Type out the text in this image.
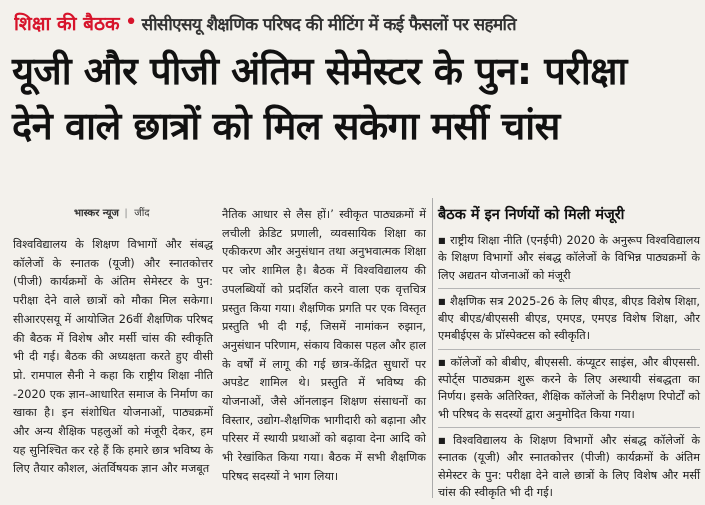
शिक्षा की बैठक • सीसीएसयू शैक्षणिक परिषद की मीटिंग में कई फैसलों पर सहमति
यूजी और पीजी अंतिम सेमेस्टर के पुन: परीक्षा
देने वाले छात्रों को मिल सकेगा मर्सी चांस
भास्कर न्यूज | जींद

विश्वविद्यालय के शिक्षण विभागों और संबद्ध कॉलेजों के स्नातक (यूजी) और स्नातकोत्तर (पीजी) कार्यक्रमों के अंतिम सेमेस्टर के पुन: परीक्षा देने वाले छात्रों को मौका मिल सकेगा। सीआरएसयू में आयोजित 26वीं शैक्षणिक परिषद की बैठक में विशेष और मर्सी चांस की स्वीकृति भी दी गई। बैठक की अध्यक्षता करते हुए वीसी प्रो. रामपाल सैनी ने कहा कि राष्ट्रीय शिक्षा नीति -2020 एक ज्ञान-आधारित समाज के निर्माण का खाका है। इन संशोधित योजनाओं, पाठ्यक्रमों और अन्य शैक्षिक पहलुओं को मंजूरी देकर, हम यह सुनिश्चित कर रहे हैं कि हमारे छात्र भविष्य के लिए तैयार कौशल, अंतर्विषयक ज्ञान और मजबूत

नैतिक आधार से लैस हों।’ स्वीकृत पाठ्यक्रमों में लचीली क्रेडिट प्रणाली, व्यवसायिक शिक्षा का एकीकरण और अनुसंधान तथा अनुभवात्मक शिक्षा पर जोर शामिल है। बैठक में विश्वविद्यालय की उपलब्धियों को प्रदर्शित करने वाला एक वृत्तचित्र प्रस्तुत किया गया। शैक्षणिक प्रगति पर एक विस्तृत प्रस्तुति भी दी गई, जिसमें नामांकन रुझान, अनुसंधान परिणाम, संकाय विकास पहल और हाल के वर्षों में लागू की गई छात्र-केंद्रित सुधारों पर अपडेट शामिल थे। प्रस्तुति में भविष्य की योजनाओं, जैसे ऑनलाइन शिक्षण संसाधनों का विस्तार, उद्योग-शैक्षणिक भागीदारी को बढ़ाना और परिसर में स्थायी प्रथाओं को बढ़ावा देना आदि को भी रेखांकित किया गया। बैठक में सभी शैक्षणिक परिषद सदस्यों ने भाग लिया।

बैठक में इन निर्णयों को मिली मंजूरी
■ राष्ट्रीय शिक्षा नीति (एनईपी) 2020 के अनुरूप विश्वविद्यालय के शिक्षण विभागों और संबद्ध कॉलेजों के विभिन्न पाठ्यक्रमों के लिए अद्यतन योजनाओं को मंजूरी
■ शैक्षणिक सत्र 2025-26 के लिए बीएड, बीएड विशेष शिक्षा, बीए बीएड/बीएससी बीएड, एमएड, एमएड विशेष शिक्षा, और एमबीईएस के प्रॉस्पेक्टस को स्वीकृति।
■ कॉलेजों को बीबीए, बीएससी. कंप्यूटर साइंस, और बीएससी. स्पोर्ट्स पाठ्यक्रम शुरू करने के लिए अस्थायी संबद्धता का निर्णय। इसके अतिरिक्त, शैक्षिक कॉलेजों के निरीक्षण रिपोर्टों को भी परिषद के सदस्यों द्वारा अनुमोदित किया गया।
■ विश्वविद्यालय के शिक्षण विभागों और संबद्ध कॉलेजों के स्नातक (यूजी) और स्नातकोत्तर (पीजी) कार्यक्रमों के अंतिम सेमेस्टर के पुन: परीक्षा देने वाले छात्रों के लिए विशेष और मर्सी चांस की स्वीकृति भी दी गई।
